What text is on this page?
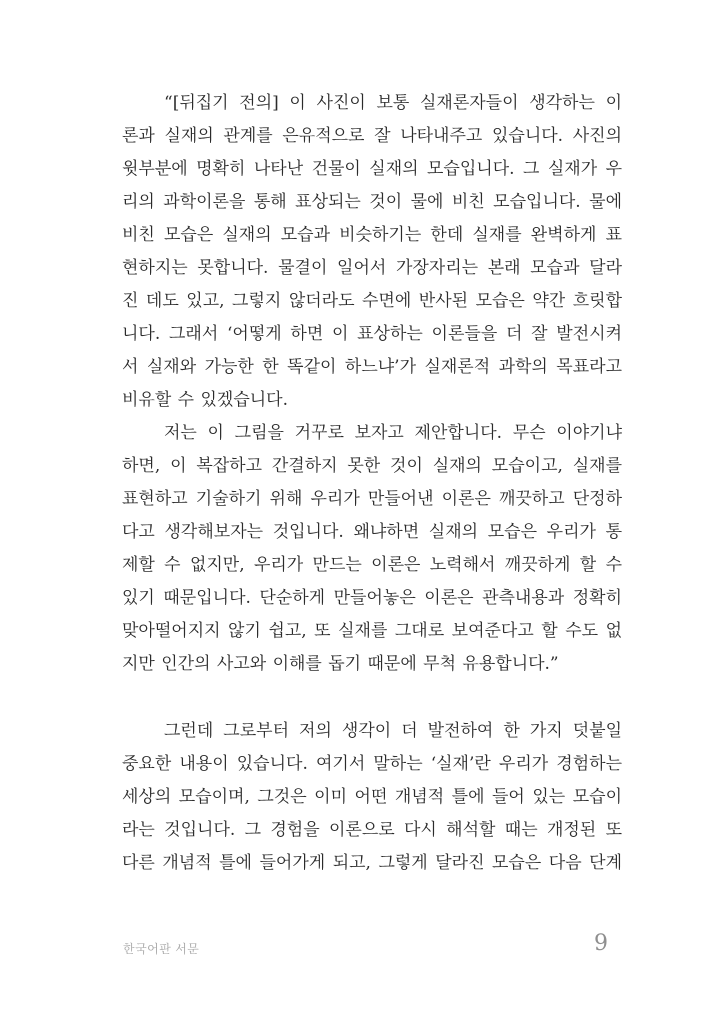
“[뒤집기 전의] 이 사진이 보통 실재론자들이 생각하는 이
론과 실재의 관계를 은유적으로 잘 나타내주고 있습니다. 사진의
윗부분에 명확히 나타난 건물이 실재의 모습입니다. 그 실재가 우
리의 과학이론을 통해 표상되는 것이 물에 비친 모습입니다. 물에
비친 모습은 실재의 모습과 비슷하기는 한데 실재를 완벽하게 표
현하지는 못합니다. 물결이 일어서 가장자리는 본래 모습과 달라
진 데도 있고, 그렇지 않더라도 수면에 반사된 모습은 약간 흐릿합
니다. 그래서 ‘어떻게 하면 이 표상하는 이론들을 더 잘 발전시켜
서 실재와 가능한 한 똑같이 하느냐’가 실재론적 과학의 목표라고
비유할 수 있겠습니다.
저는 이 그림을 거꾸로 보자고 제안합니다. 무슨 이야기냐
하면, 이 복잡하고 간결하지 못한 것이 실재의 모습이고, 실재를
표현하고 기술하기 위해 우리가 만들어낸 이론은 깨끗하고 단정하
다고 생각해보자는 것입니다. 왜냐하면 실재의 모습은 우리가 통
제할 수 없지만, 우리가 만드는 이론은 노력해서 깨끗하게 할 수
있기 때문입니다. 단순하게 만들어놓은 이론은 관측내용과 정확히
맞아떨어지지 않기 쉽고, 또 실재를 그대로 보여준다고 할 수도 없
지만 인간의 사고와 이해를 돕기 때문에 무척 유용합니다.”
그런데 그로부터 저의 생각이 더 발전하여 한 가지 덧붙일
중요한 내용이 있습니다. 여기서 말하는 ‘실재’란 우리가 경험하는
세상의 모습이며, 그것은 이미 어떤 개념적 틀에 들어 있는 모습이
라는 것입니다. 그 경험을 이론으로 다시 해석할 때는 개정된 또
다른 개념적 틀에 들어가게 되고, 그렇게 달라진 모습은 다음 단계
한국어판 서문	9
